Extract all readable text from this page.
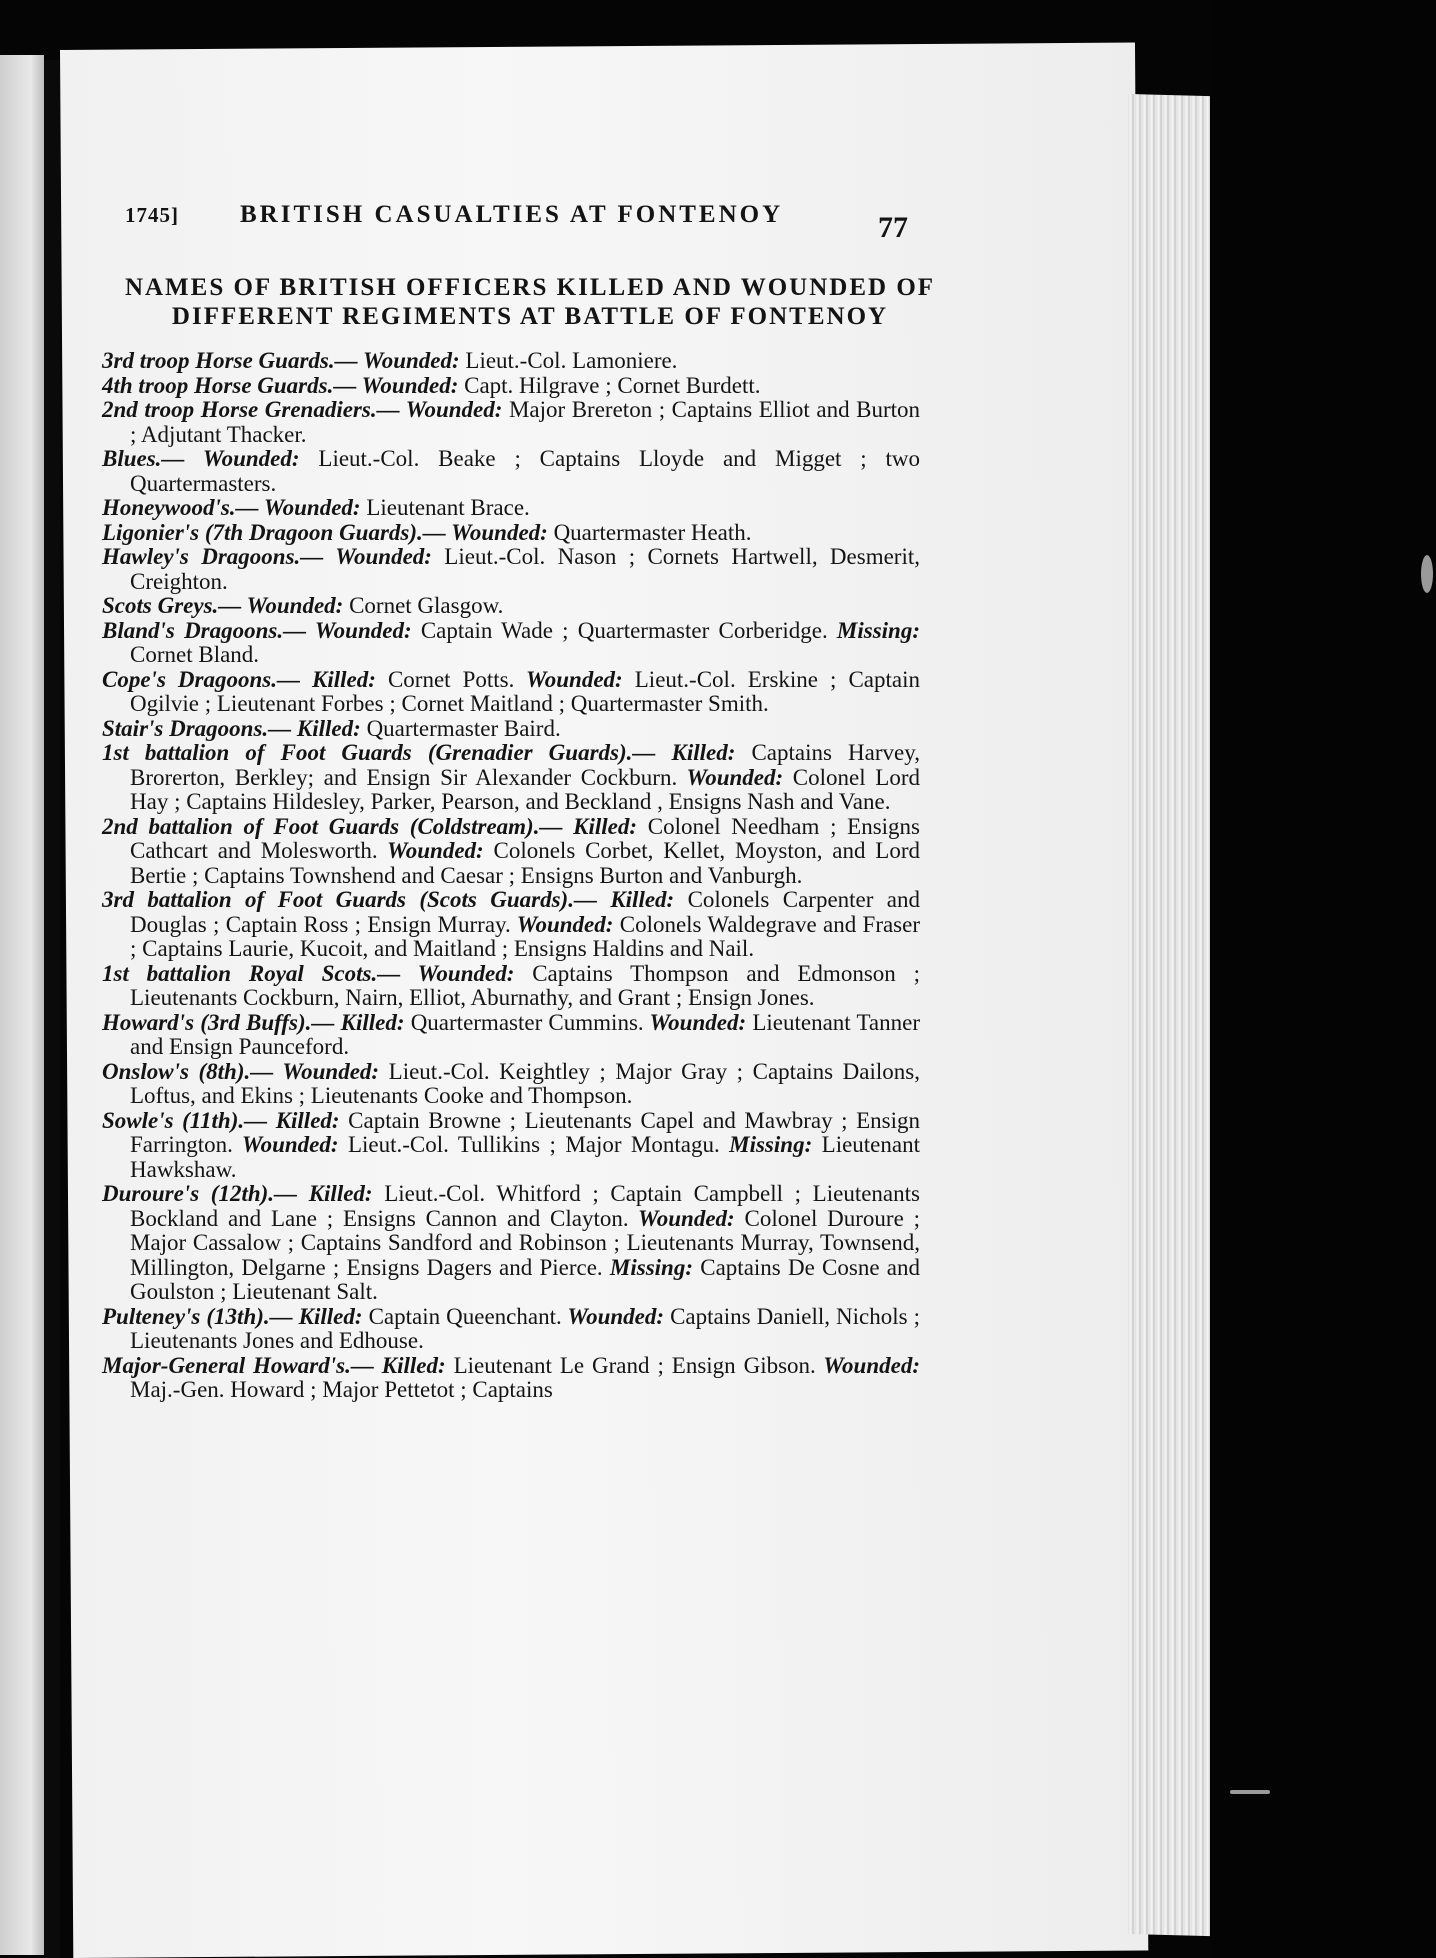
1745] BRITISH CASUALTIES AT FONTENOY	77
NAMES OF BRITISH OFFICERS KILLED AND WOUNDED OF DIFFERENT REGIMENTS AT BATTLE OF FONTENOY
3rd troop Horse Guards.— Wounded: Lieut.-Col. Lamoniere.
4th troop Horse Guards.— Wounded: Capt. Hilgrave ; Cornet Burdett.
2nd troop Horse Grenadiers.— Wounded: Major Brereton ; Captains Elliot and Burton ; Adjutant Thacker.
Blues.— Wounded: Lieut.-Col. Beake ; Captains Lloyde and Migget ; two Quartermasters.
Honeywood's.— Wounded: Lieutenant Brace.
Ligonier's (7th Dragoon Guards).— Wounded: Quartermaster Heath.
Hawley's Dragoons.— Wounded: Lieut.-Col. Nason ; Cornets Hartwell, Desmerit, Creighton.
Scots Greys.— Wounded: Cornet Glasgow.
Bland's Dragoons.— Wounded: Captain Wade ; Quartermaster Corberidge. Missing: Cornet Bland.
Cope's Dragoons.— Killed: Cornet Potts. Wounded: Lieut.-Col. Erskine ; Captain Ogilvie ; Lieutenant Forbes ; Cornet Maitland ; Quartermaster Smith.
Stair's Dragoons.— Killed: Quartermaster Baird.
1st battalion of Foot Guards (Grenadier Guards).— Killed: Captains Harvey, Brorerton, Berkley; and Ensign Sir Alexander Cockburn. Wounded: Colonel Lord Hay ; Captains Hildesley, Parker, Pearson, and Beckland , Ensigns Nash and Vane.
2nd battalion of Foot Guards (Coldstream).— Killed: Colonel Needham ; Ensigns Cathcart and Molesworth. Wounded: Colonels Corbet, Kellet, Moyston, and Lord Bertie ; Captains Townshend and Caesar ; Ensigns Burton and Vanburgh.
3rd battalion of Foot Guards (Scots Guards).— Killed: Colonels Carpenter and Douglas ; Captain Ross ; Ensign Murray. Wounded: Colonels Waldegrave and Fraser ; Captains Laurie, Kucoit, and Maitland ; Ensigns Haldins and Nail.
1st battalion Royal Scots.— Wounded: Captains Thompson and Edmonson ; Lieutenants Cockburn, Nairn, Elliot, Aburnathy, and Grant ; Ensign Jones.
Howard's (3rd Buffs).— Killed: Quartermaster Cummins. Wounded: Lieutenant Tanner and Ensign Paunceford.
Onslow's (8th).— Wounded: Lieut.-Col. Keightley ; Major Gray ; Captains Dailons, Loftus, and Ekins ; Lieutenants Cooke and Thompson.
Sowle's (11th).— Killed: Captain Browne ; Lieutenants Capel and Mawbray ; Ensign Farrington. Wounded: Lieut.-Col. Tullikins ; Major Montagu. Missing: Lieutenant Hawkshaw.
Duroure's (12th).— Killed: Lieut.-Col. Whitford ; Captain Campbell ; Lieutenants Bockland and Lane ; Ensigns Cannon and Clayton. Wounded: Colonel Duroure ; Major Cassalow ; Captains Sandford and Robinson ; Lieutenants Murray, Townsend, Millington, Delgarne ; Ensigns Dagers and Pierce. Missing: Captains De Cosne and Goulston ; Lieutenant Salt.
Pulteney's (13th).— Killed: Captain Queenchant. Wounded: Captains Daniell, Nichols ; Lieutenants Jones and Edhouse.
Major-General Howard's.— Killed: Lieutenant Le Grand ; Ensign Gibson. Wounded: Maj.-Gen. Howard ; Major Pettetot ; Captains
